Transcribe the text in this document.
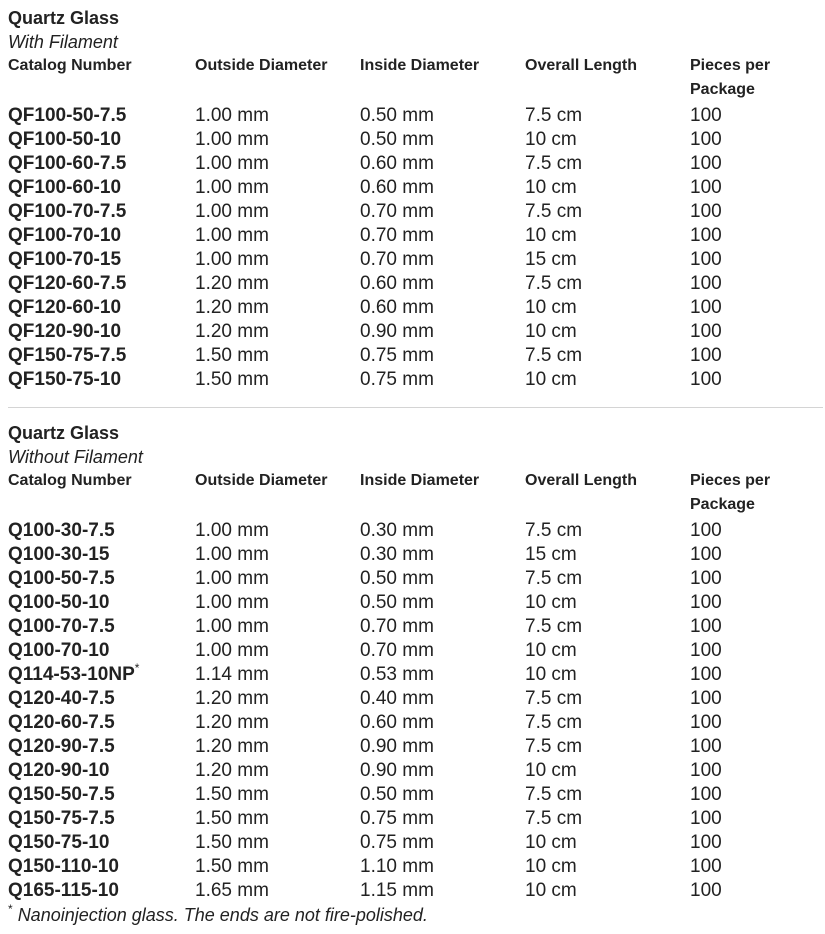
Quartz Glass
With Filament
Catalog Number	Outside Diameter	Inside Diameter	Overall Length	Pieces per Package
QF100-50-7.5	1.00 mm	0.50 mm	7.5 cm	100
QF100-50-10	1.00 mm	0.50 mm	10 cm	100
QF100-60-7.5	1.00 mm	0.60 mm	7.5 cm	100
QF100-60-10	1.00 mm	0.60 mm	10 cm	100
QF100-70-7.5	1.00 mm	0.70 mm	7.5 cm	100
QF100-70-10	1.00 mm	0.70 mm	10 cm	100
QF100-70-15	1.00 mm	0.70 mm	15 cm	100
QF120-60-7.5	1.20 mm	0.60 mm	7.5 cm	100
QF120-60-10	1.20 mm	0.60 mm	10 cm	100
QF120-90-10	1.20 mm	0.90 mm	10 cm	100
QF150-75-7.5	1.50 mm	0.75 mm	7.5 cm	100
QF150-75-10	1.50 mm	0.75 mm	10 cm	100
Quartz Glass
Without Filament
Catalog Number	Outside Diameter	Inside Diameter	Overall Length	Pieces per Package
Q100-30-7.5	1.00 mm	0.30 mm	7.5 cm	100
Q100-30-15	1.00 mm	0.30 mm	15 cm	100
Q100-50-7.5	1.00 mm	0.50 mm	7.5 cm	100
Q100-50-10	1.00 mm	0.50 mm	10 cm	100
Q100-70-7.5	1.00 mm	0.70 mm	7.5 cm	100
Q100-70-10	1.00 mm	0.70 mm	10 cm	100
Q114-53-10NP*	1.14 mm	0.53 mm	10 cm	100
Q120-40-7.5	1.20 mm	0.40 mm	7.5 cm	100
Q120-60-7.5	1.20 mm	0.60 mm	7.5 cm	100
Q120-90-7.5	1.20 mm	0.90 mm	7.5 cm	100
Q120-90-10	1.20 mm	0.90 mm	10 cm	100
Q150-50-7.5	1.50 mm	0.50 mm	7.5 cm	100
Q150-75-7.5	1.50 mm	0.75 mm	7.5 cm	100
Q150-75-10	1.50 mm	0.75 mm	10 cm	100
Q150-110-10	1.50 mm	1.10 mm	10 cm	100
Q165-115-10	1.65 mm	1.15 mm	10 cm	100
* Nanoinjection glass. The ends are not fire-polished.
